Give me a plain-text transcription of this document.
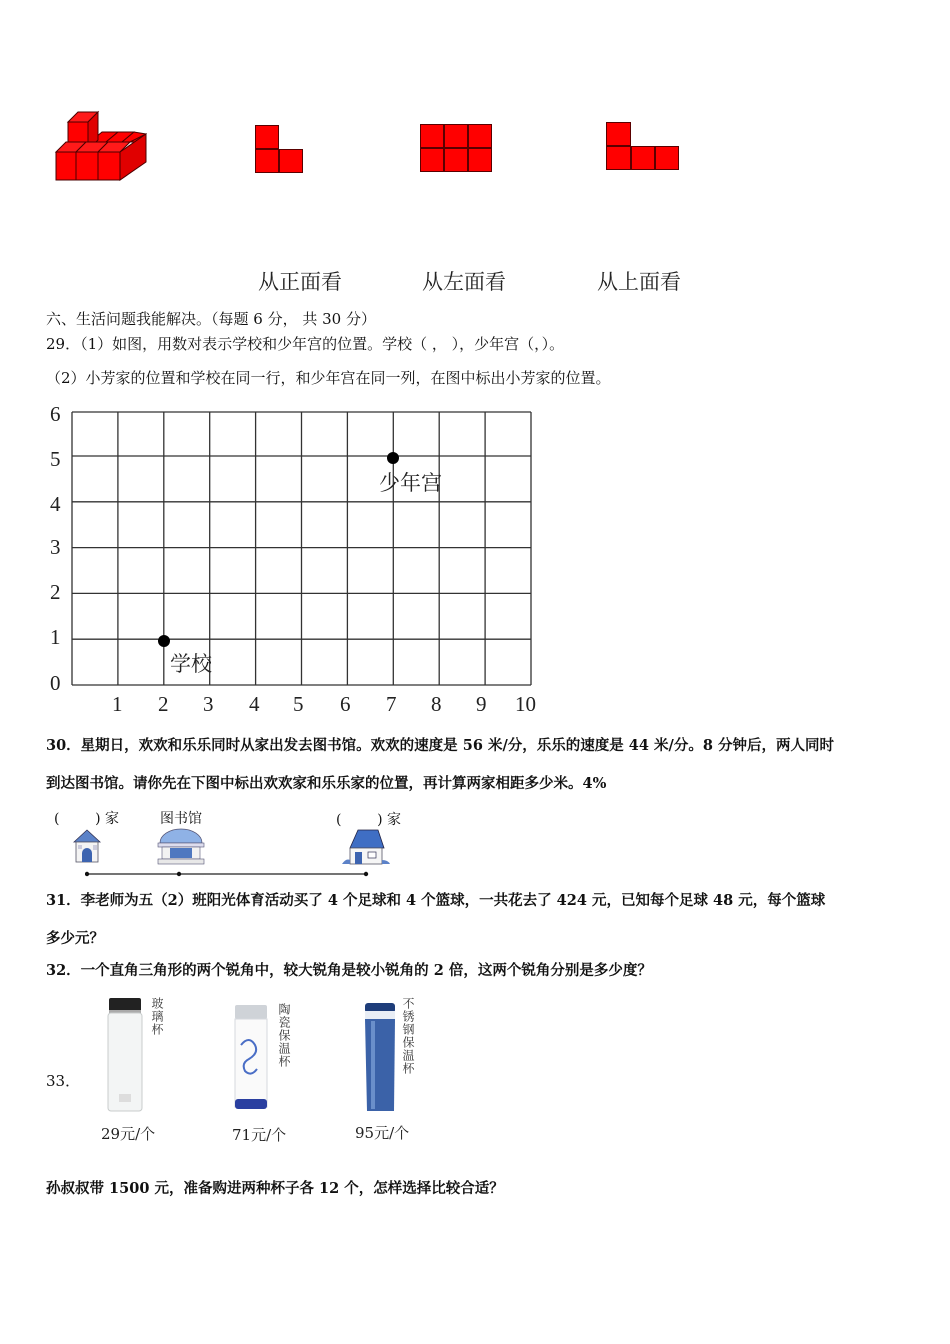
从正面看	从左面看	从上面看
六、生活问题我能解决。（每题 6 分， 共 30 分）
29．（1）如图，用数对表示学校和少年宫的位置。学校（ ， ），少年宫（，）。
（2）小芳家的位置和学校在同一行，和少年宫在同一列，在图中标出小芳家的位置。
0
1
2
3
4
5
6
1 2 3 4 5 6 7 8 9 10
学校
少年宫
30．星期日，欢欢和乐乐同时从家出发去图书馆。欢欢的速度是 56 米/分，乐乐的速度是 44 米/分。8 分钟后，两人同时
到达图书馆。请你先在下图中标出欢欢家和乐乐家的位置，再计算两家相距多少米。4%
(        ) 家	图书馆	(        ) 家
31．李老师为五（2）班阳光体育活动买了 4 个足球和 4 个篮球，一共花去了 424 元，已知每个足球 48 元，每个篮球
多少元？
32．一个直角三角形的两个锐角中，较大锐角是较小锐角的 2 倍，这两个锐角分别是多少度？
33．
玻璃杯
29元/个
陶瓷保温杯
71元/个
不锈钢保温杯
95元/个
孙叔叔带 1500 元，准备购进两种杯子各 12 个，怎样选择比较合适？
